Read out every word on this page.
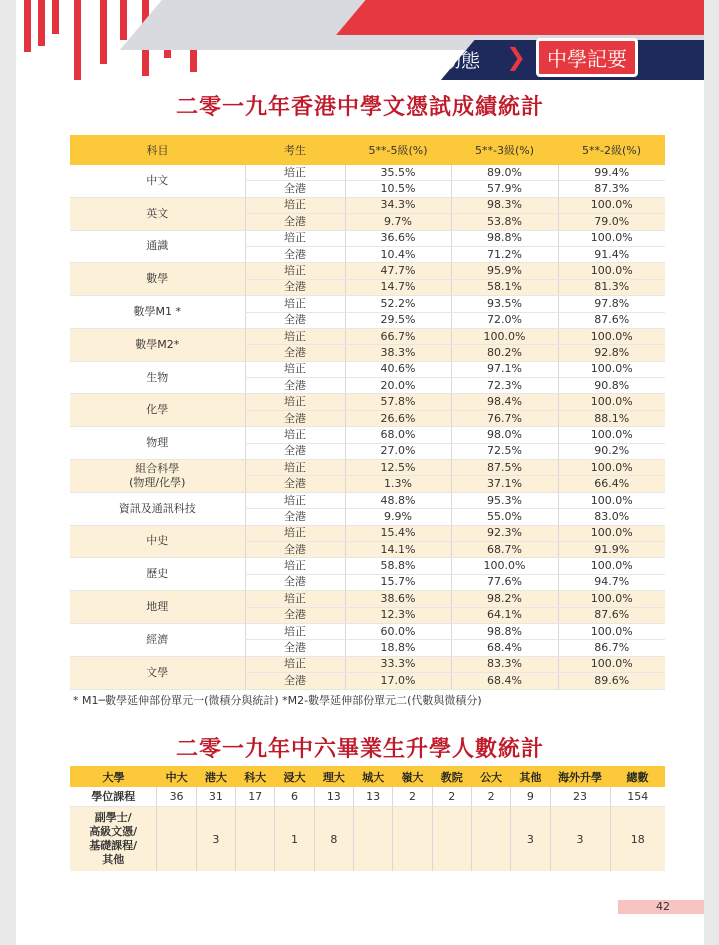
學校動態 ❯	中學記要
二零一九年香港中學文憑試成績統計
科目	考生	5**-5級(%)	5**-3級(%)	5**-2級(%)

中文	培正	35.5%	89.0%	99.4%
	全港	10.5%	57.9%	87.3%

英文	培正	34.3%	98.3%	100.0%
	全港	9.7%	53.8%	79.0%

通識	培正	36.6%	98.8%	100.0%
	全港	10.4%	71.2%	91.4%

數學	培正	47.7%	95.9%	100.0%
	全港	14.7%	58.1%	81.3%

數學M1 *	培正	52.2%	93.5%	97.8%
	全港	29.5%	72.0%	87.6%

數學M2*	培正	66.7%	100.0%	100.0%
	全港	38.3%	80.2%	92.8%

生物	培正	40.6%	97.1%	100.0%
	全港	20.0%	72.3%	90.8%

化學	培正	57.8%	98.4%	100.0%
	全港	26.6%	76.7%	88.1%

物理	培正	68.0%	98.0%	100.0%
	全港	27.0%	72.5%	90.2%

組合科學
(物理/化學)	培正	12.5%	87.5%	100.0%
	全港	1.3%	37.1%	66.4%

資訊及通訊科技	培正	48.8%	95.3%	100.0%
	全港	9.9%	55.0%	83.0%

中史	培正	15.4%	92.3%	100.0%
	全港	14.1%	68.7%	91.9%

歷史	培正	58.8%	100.0%	100.0%
	全港	15.7%	77.6%	94.7%

地理	培正	38.6%	98.2%	100.0%
	全港	12.3%	64.1%	87.6%

經濟	培正	60.0%	98.8%	100.0%
	全港	18.8%	68.4%	86.7%

文學	培正	33.3%	83.3%	100.0%
	全港	17.0%	68.4%	89.6%
* M1─數學延伸部份單元一(微積分與統計) *M2-數學延伸部份單元二(代數與微積分)
二零一九年中六畢業生升學人數統計
大學	中大	港大	科大	浸大	理大	城大	嶺大	教院	公大	其他	海外升學	總數
學位課程	36	31	17	6	13	13	2	2	2	9	23	154

副學士/
高級文憑/
基礎課程/
其他		3		1	8					3	3	18
42
